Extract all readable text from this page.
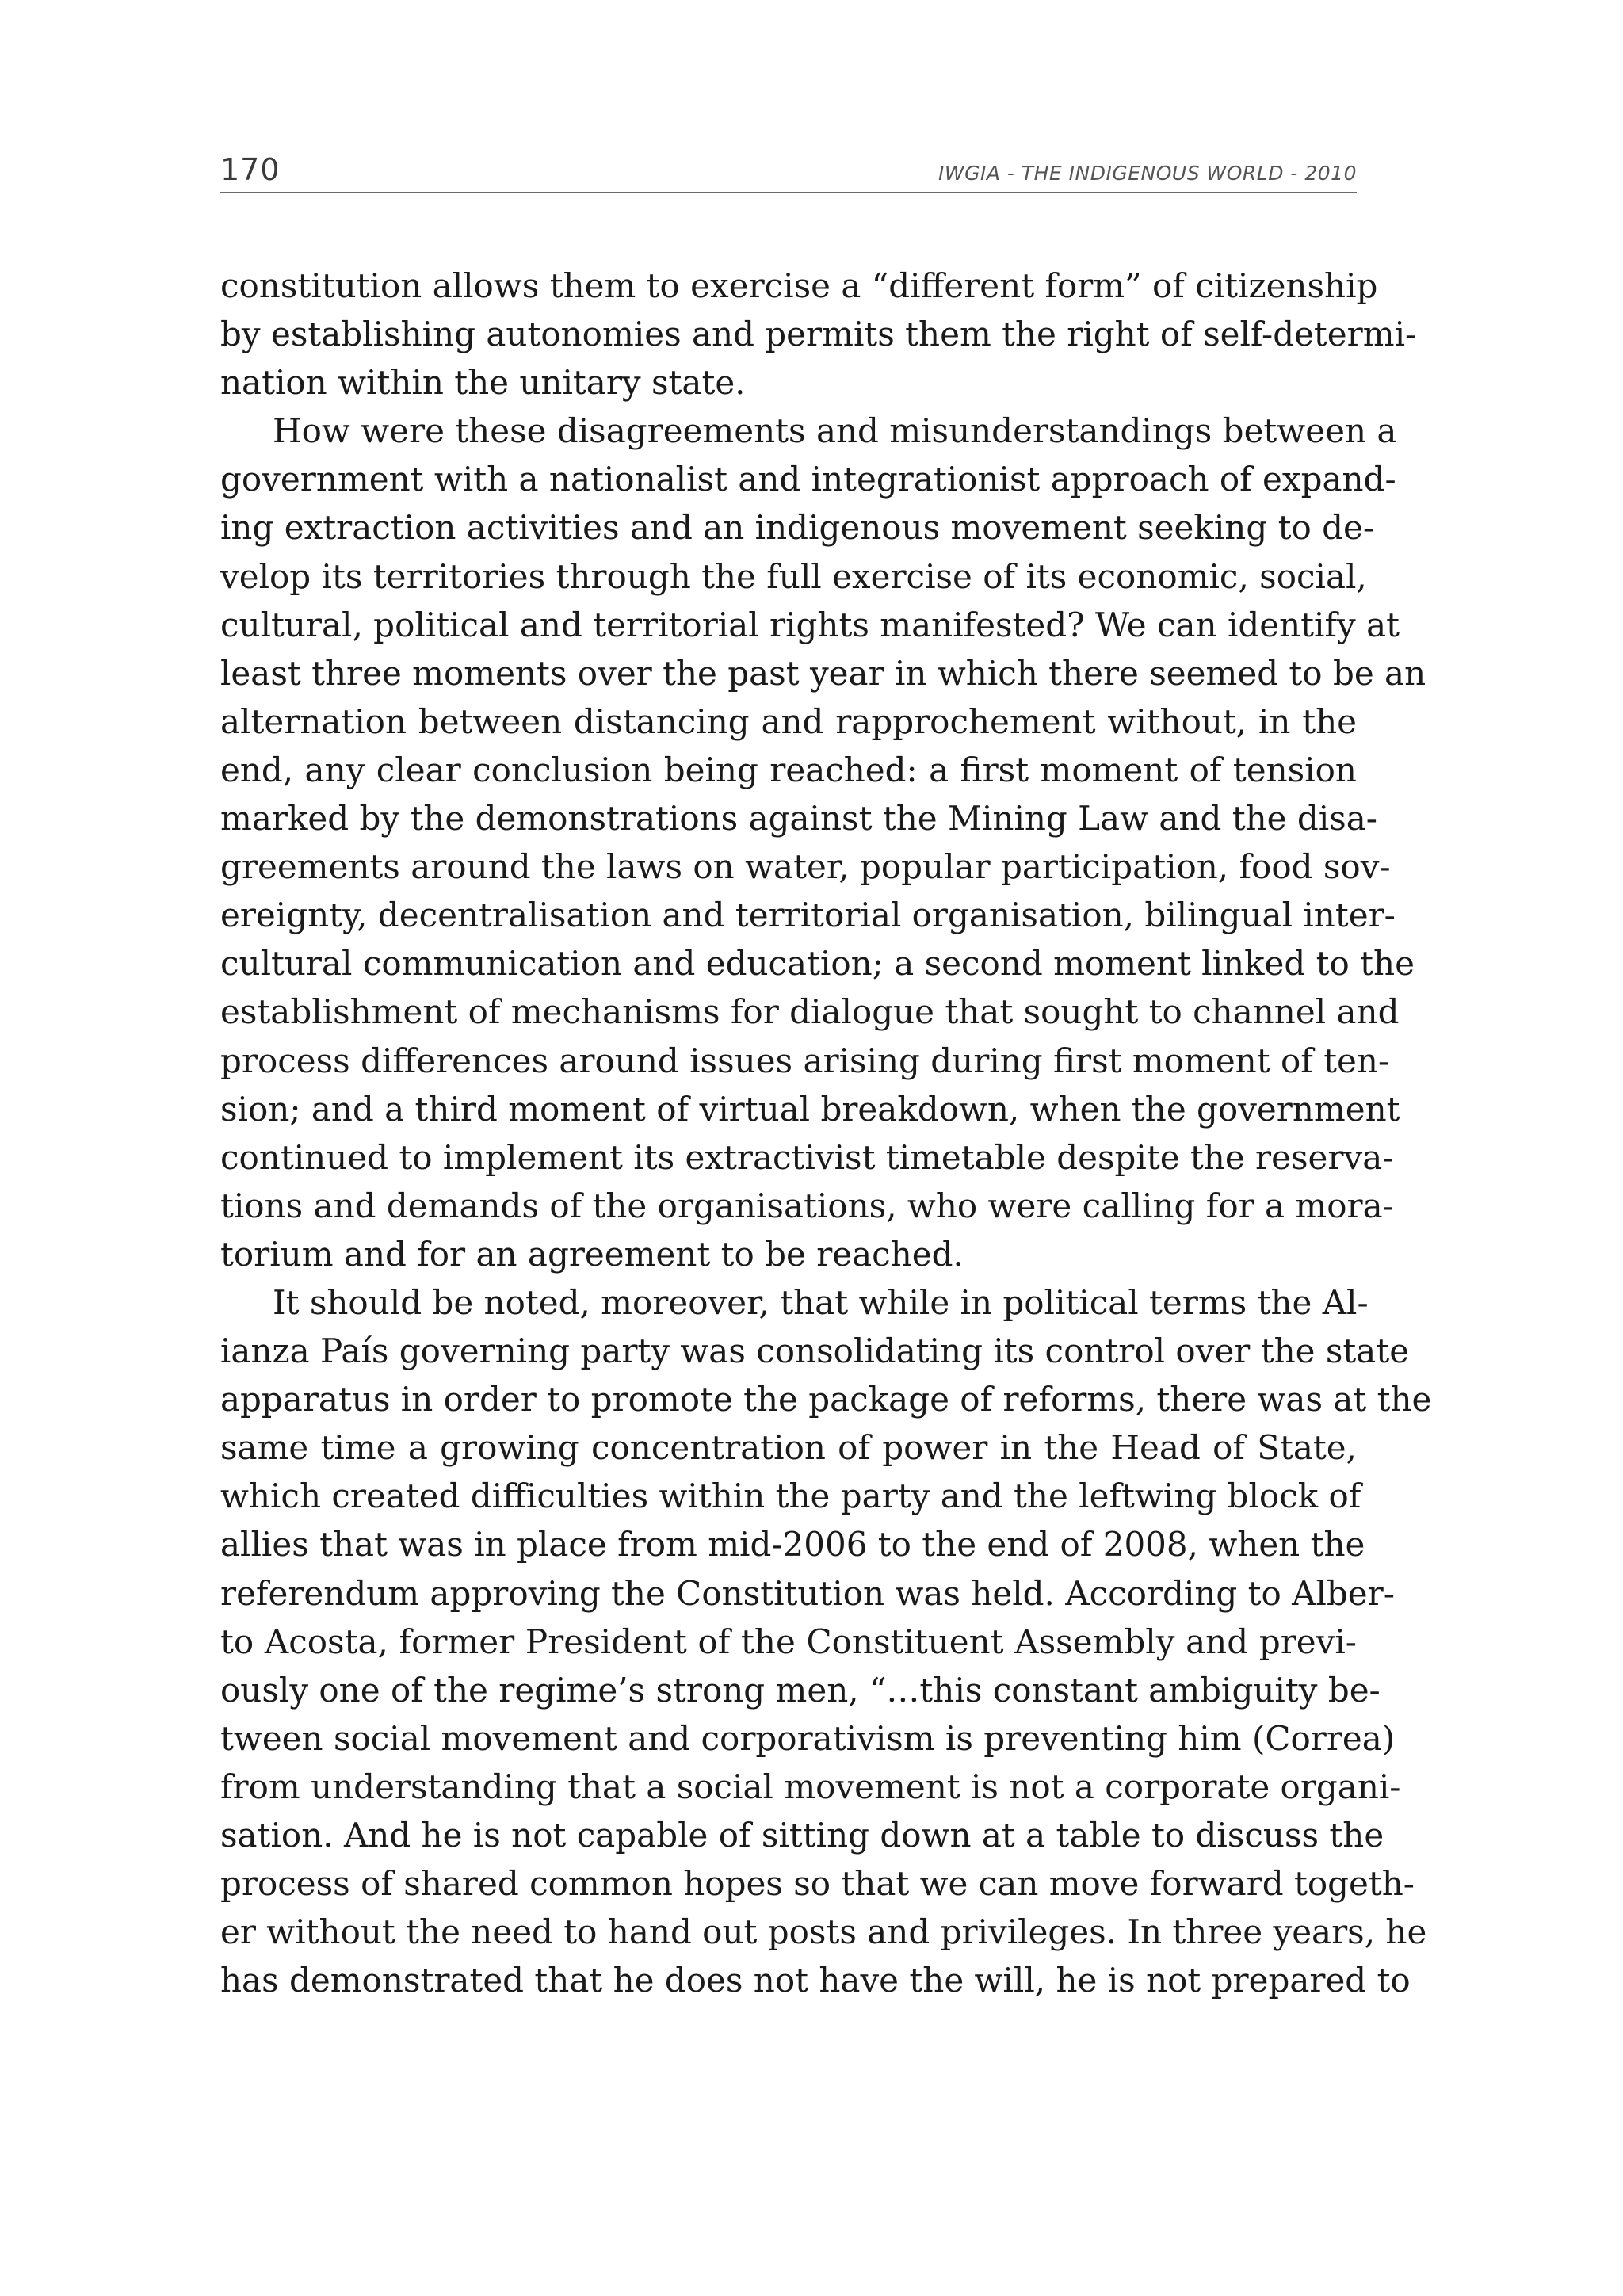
170	IWGIA - THE INDIGENOUS WORLD - 2010
constitution allows them to exercise a “different form” of citizenship
by establishing autonomies and permits them the right of self-determi-
nation within the unitary state.
How were these disagreements and misunderstandings between a
government with a nationalist and integrationist approach of expand-
ing extraction activities and an indigenous movement seeking to de-
velop its territories through the full exercise of its economic, social,
cultural, political and territorial rights manifested? We can identify at
least three moments over the past year in which there seemed to be an
alternation between distancing and rapprochement without, in the
end, any clear conclusion being reached: a first moment of tension
marked by the demonstrations against the Mining Law and the disa-
greements around the laws on water, popular participation, food sov-
ereignty, decentralisation and territorial organisation, bilingual inter-
cultural communication and education; a second moment linked to the
establishment of mechanisms for dialogue that sought to channel and
process differences around issues arising during first moment of ten-
sion; and a third moment of virtual breakdown, when the government
continued to implement its extractivist timetable despite the reserva-
tions and demands of the organisations, who were calling for a mora-
torium and for an agreement to be reached.
It should be noted, moreover, that while in political terms the Al-
ianza País governing party was consolidating its control over the state
apparatus in order to promote the package of reforms, there was at the
same time a growing concentration of power in the Head of State,
which created difficulties within the party and the leftwing block of
allies that was in place from mid-2006 to the end of 2008, when the
referendum approving the Constitution was held. According to Alber-
to Acosta, former President of the Constituent Assembly and previ-
ously one of the regime’s strong men, “…this constant ambiguity be-
tween social movement and corporativism is preventing him (Correa)
from understanding that a social movement is not a corporate organi-
sation. And he is not capable of sitting down at a table to discuss the
process of shared common hopes so that we can move forward togeth-
er without the need to hand out posts and privileges. In three years, he
has demonstrated that he does not have the will, he is not prepared to
